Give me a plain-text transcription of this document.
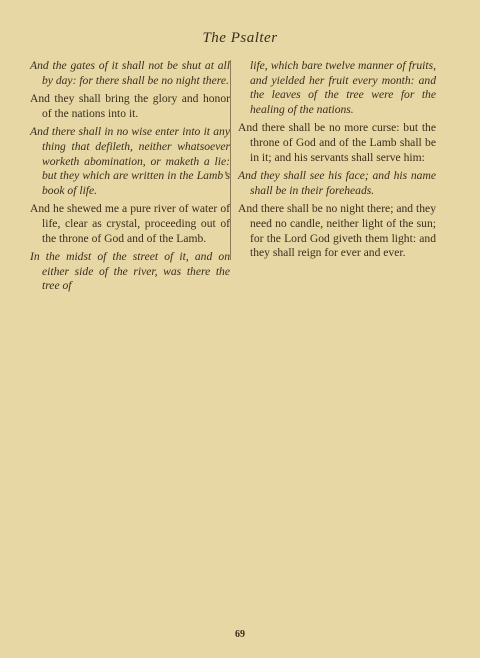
The Psalter

And the gates of it shall not be shut at all by day: for there shall be no night there.

And they shall bring the glory and honor of the nations into it.

And there shall in no wise enter into it any thing that defileth, neither whatsoever worketh abomination, or maketh a lie: but they which are written in the Lamb’s book of life.

And he shewed me a pure river of water of life, clear as crystal, proceeding out of the throne of God and of the Lamb.

In the midst of the street of it, and on either side of the river, was there the tree of

life, which bare twelve manner of fruits, and yielded her fruit every month: and the leaves of the tree were for the healing of the nations.

And there shall be no more curse: but the throne of God and of the Lamb shall be in it; and his servants shall serve him:

And they shall see his face; and his name shall be in their foreheads.

And there shall be no night there; and they need no candle, neither light of the sun; for the Lord God giveth them light: and they shall reign for ever and ever.

69
